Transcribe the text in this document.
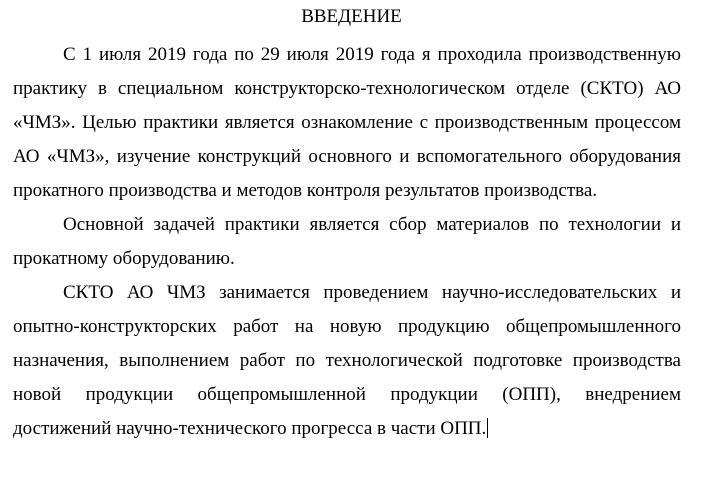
ВВЕДЕНИЕ

С 1 июля 2019 года по 29 июля 2019 года я проходила производственную практику в специальном конструкторско-технологическом отделе (СКТО) АО «ЧМЗ». Целью практики является ознакомление с производственным процессом АО «ЧМЗ», изучение конструкций основного и вспомогательного оборудования прокатного производства и методов контроля результатов производства.

Основной задачей практики является сбор материалов по технологии и прокатному оборудованию.

СКТО АО ЧМЗ занимается проведением научно-исследовательских и опытно-конструкторских работ на новую продукцию общепромышленного назначения, выполнением работ по технологической подготовке производства новой продукции общепромышленной продукции (ОПП), внедрением достижений научно-технического прогресса в части ОПП.
